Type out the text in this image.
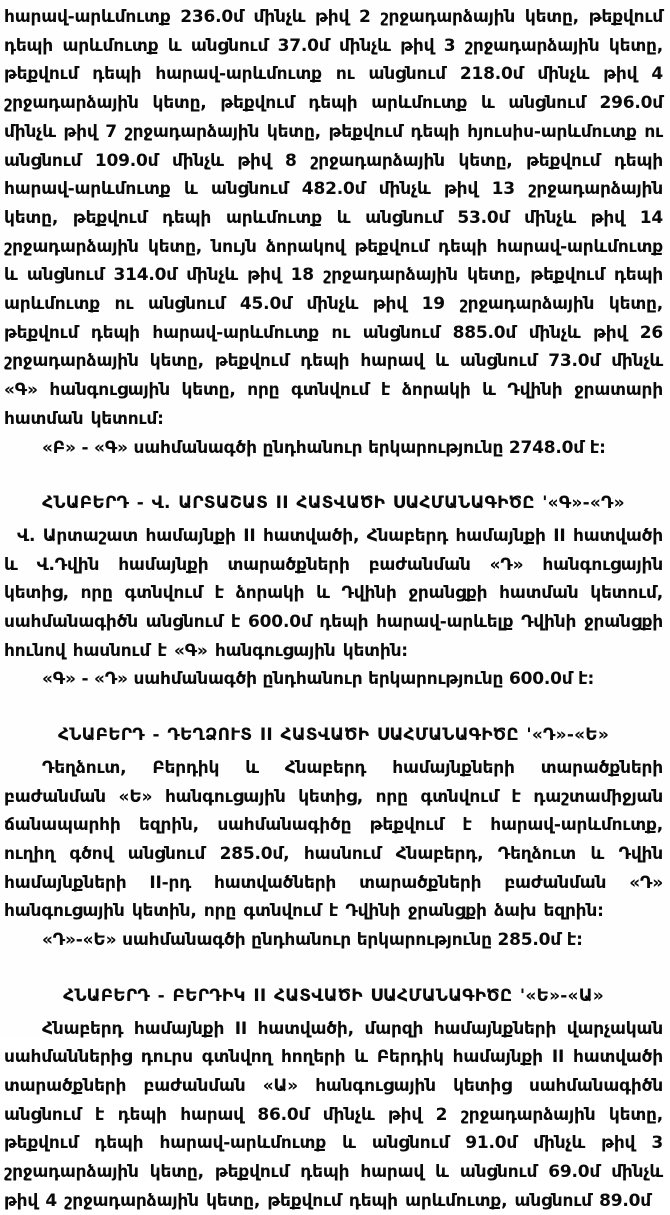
հարավ-արևմուտք 236.0մ մինչև թիվ 2 շրջադարձային կետը, թեքվում դեպի արևմուտք և անցնում 37.0մ մինչև թիվ 3 շրջադարձային կետը, թեքվում դեպի հարավ-արևմուտք ու անցնում 218.0մ մինչև թիվ 4 շրջադարձային կետը, թեքվում դեպի արևմուտք և անցնում 296.0մ մինչև թիվ 7 շրջադարձային կետը, թեքվում դեպի հյուսիս-արևմուտք ու անցնում 109.0մ մինչև թիվ 8 շրջադարձային կետը, թեքվում դեպի հարավ-արևմուտք և անցնում 482.0մ մինչև թիվ 13 շրջադարձային կետը, թեքվում դեպի արևմուտք և անցնում 53.0մ մինչև թիվ 14 շրջադարձային կետը, նույն ձորակով թեքվում դեպի հարավ-արևմուտք և անցնում 314.0մ մինչև թիվ 18 շրջադարձային կետը, թեքվում դեպի արևմուտք ու անցնում 45.0մ մինչև թիվ 19 շրջադարձային կետը, թեքվում դեպի հարավ-արևմուտք ու անցնում 885.0մ մինչև թիվ 26 շրջադարձային կետը, թեքվում դեպի հարավ և անցնում 73.0մ մինչև «Գ» հանգուցային կետը, որը գտնվում է ձորակի և Դվինի ջրատարի հատման կետում:

«Բ» - «Գ» սահմանագծի ընդհանուր երկարությունը 2748.0մ է:

ՀՆԱԲԵՐԴ - Վ. ԱՐՏԱՇԱՏ II ՀԱՏՎԱԾԻ ՍԱՀՄԱՆԱԳԻԾԸ '«Գ»-«Դ»

Վ. Արտաշատ համայնքի II հատվածի, Հնաբերդ համայնքի II հատվածի և Վ.Դվին համայնքի տարածքների բաժանման «Դ» հանգուցային կետից, որը գտնվում է ձորակի և Դվինի ջրանցքի հատման կետում, սահմանագիծն անցնում է 600.0մ դեպի հարավ-արևելք Դվինի ջրանցքի հունով հասնում է «Գ» հանգուցային կետին:

«Գ» - «Դ» սահմանագծի ընդհանուր երկարությունը 600.0մ է:

ՀՆԱԲԵՐԴ - ԴԵՂՁՈՒՏ II ՀԱՏՎԱԾԻ ՍԱՀՄԱՆԱԳԻԾԸ '«Դ»-«Ե»

Դեղձուտ, Բերդիկ և Հնաբերդ համայնքների տարածքների բաժանման «Ե» հանգուցային կետից, որը գտնվում է դաշտամիջյան ճանապարհի եզրին, սահմանագիծը թեքվում է հարավ-արևմուտք, ուղիղ գծով անցնում 285.0մ, հասնում Հնաբերդ, Դեղձուտ և Դվին համայնքների II-րդ հատվածների տարածքների բաժանման «Դ» հանգուցային կետին, որը գտնվում է Դվինի ջրանցքի ձախ եզրին:

«Դ»-«Ե» սահմանագծի ընդհանուր երկարությունը 285.0մ է:

ՀՆԱԲԵՐԴ - ԲԵՐԴԻԿ II ՀԱՏՎԱԾԻ ՍԱՀՄԱՆԱԳԻԾԸ '«Ե»-«Ա»

Հնաբերդ համայնքի II հատվածի, մարզի համայնքների վարչական սահմաններից դուրս գտնվող հողերի և Բերդիկ համայնքի II հատվածի տարածքների բաժանման «Ա» հանգուցային կետից սահմանագիծն անցնում է դեպի հարավ 86.0մ մինչև թիվ 2 շրջադարձային կետը, թեքվում դեպի հարավ-արևմուտք և անցնում 91.0մ մինչև թիվ 3 շրջադարձային կետը, թեքվում դեպի հարավ և անցնում 69.0մ մինչև թիվ 4 շրջադարձային կետը, թեքվում դեպի արևմուտք, անցնում 89.0մ
